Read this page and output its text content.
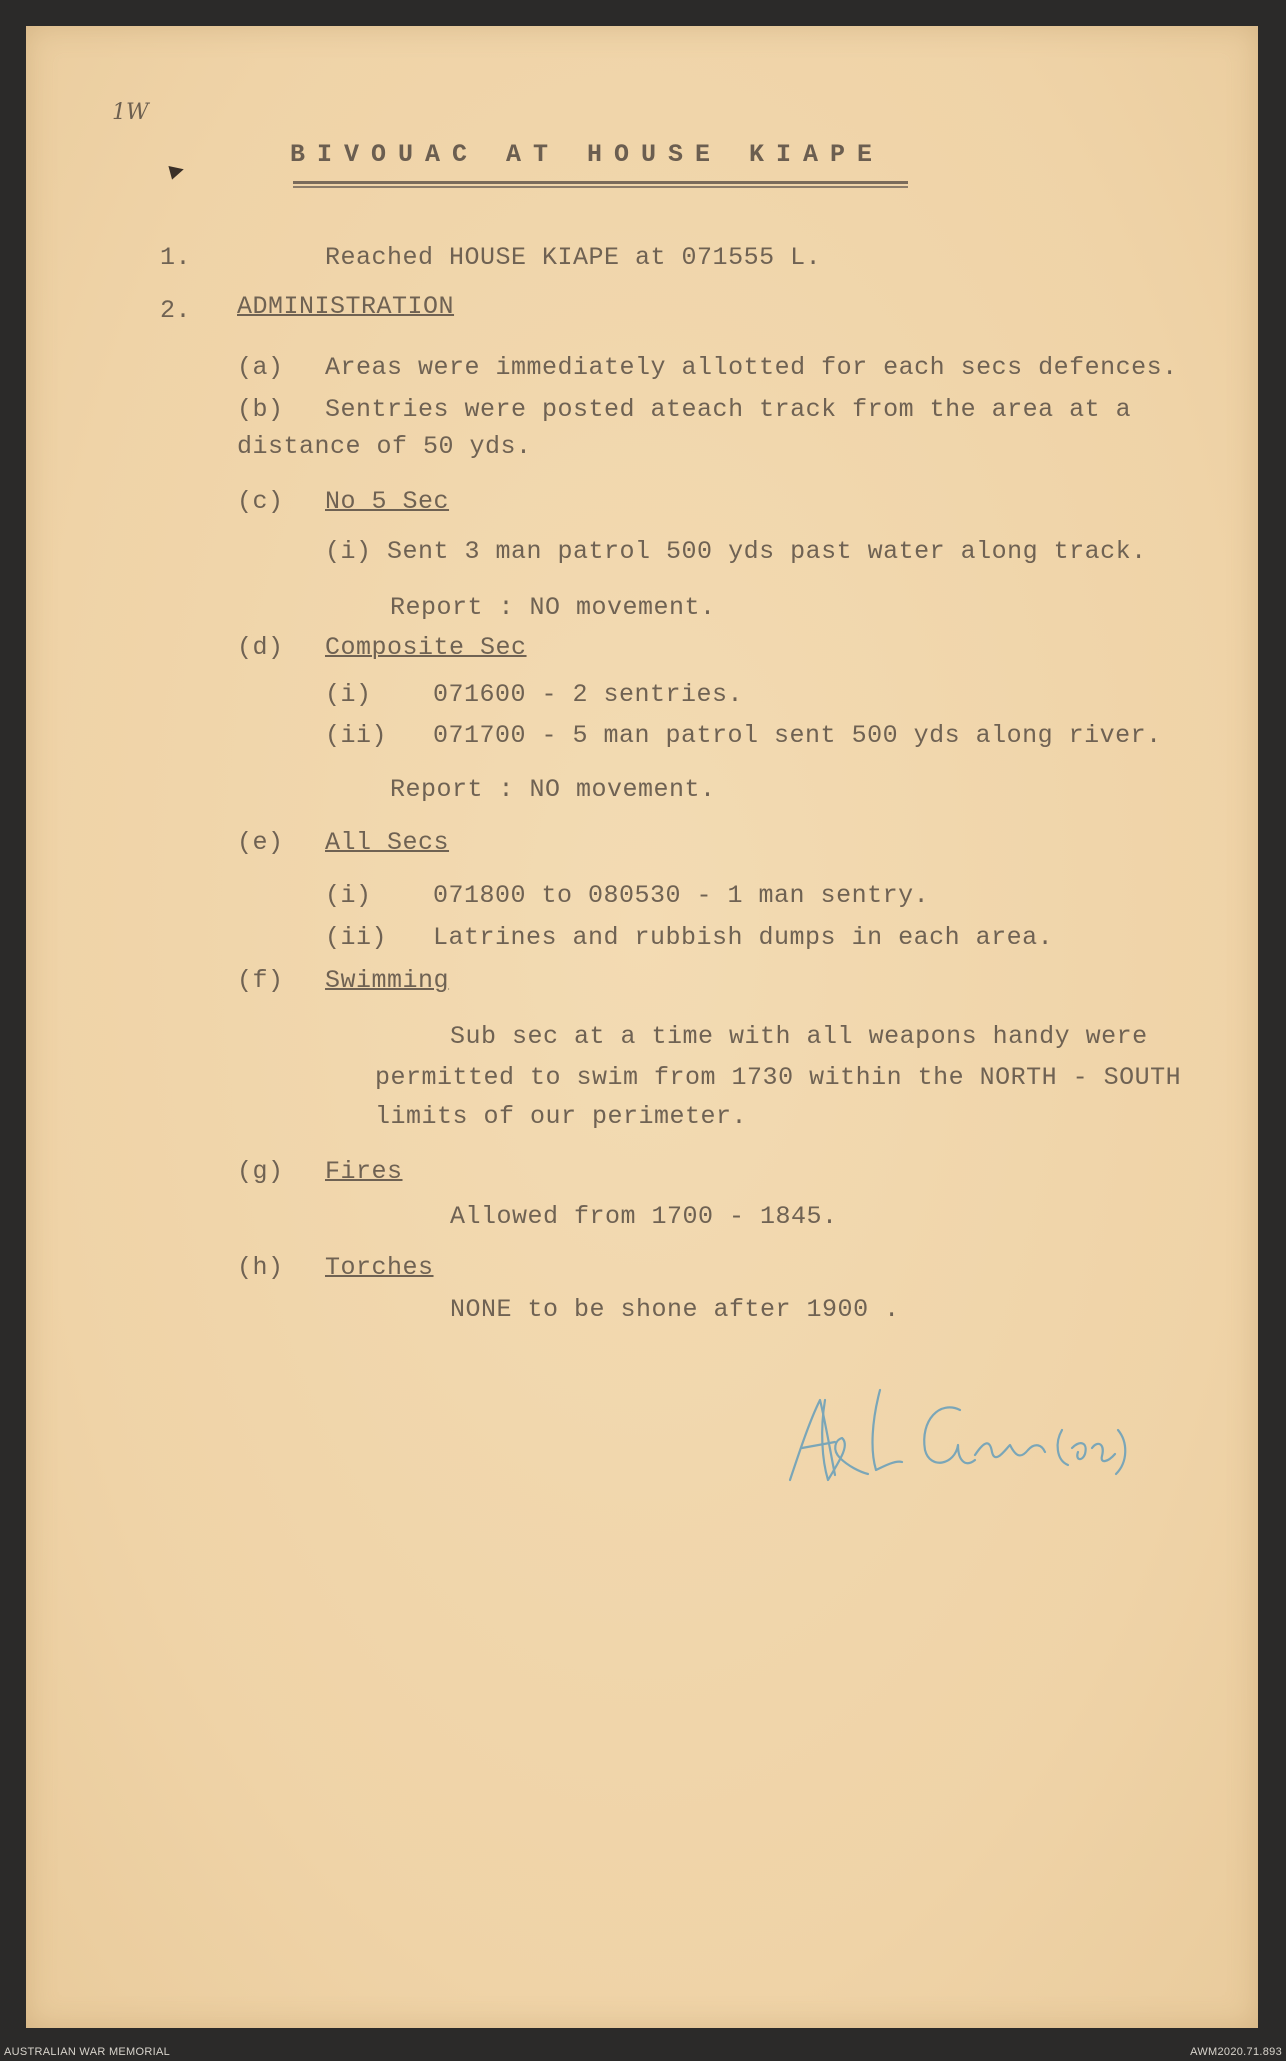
1W
BIVOUAC AT HOUSE KIAPE
1.	Reached HOUSE KIAPE at 071555 L.
2. ADMINISTRATION
(a) Areas were immediately allotted for each secs defences.
(b) Sentries were posted ateach track from the area at a
distance of 50 yds.
(c) No 5 Sec
(i) Sent 3 man patrol 500 yds past water along track.
Report : NO movement.
(d) Composite Sec
(i) 071600 - 2 sentries.
(ii) 071700 - 5 man patrol sent 500 yds along river.
Report : NO movement.
(e) All Secs
(i) 071800 to 080530 - 1 man sentry.
(ii) Latrines and rubbish dumps in each area.
(f) Swimming
Sub sec at a time with all weapons handy were
permitted to swim from 1730 within the NORTH - SOUTH
limits of our perimeter.
(g) Fires
Allowed from 1700 - 1845.
(h) Torches
NONE to be shone after 1900 .
AUSTRALIAN WAR MEMORIAL	AWM2020.71.893
